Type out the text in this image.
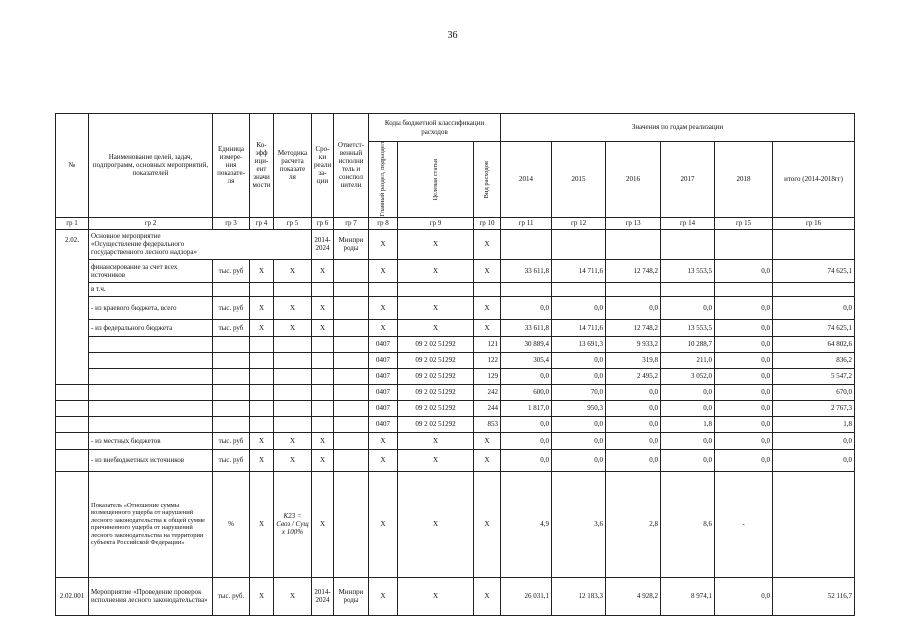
36
№	Наименование целей, задач, подпрограмм, основных мероприятий, показателей	Единица измере-ния показате-ля	Ко-эфф ици-ент значи мости	Методика расчета показате ля	Сро-ки реали за-ции	Ответст-венный исполни тель и соиспол нители	Коды бюджетной классификации расходов			Значения по годам реализации					

							Главный раздел, подраздел	Целевая статья	Вид расходов	2014	2015	2016	2017	2018	итого (2014-2018гг)
гр 1	гр 2	гр 3	гр 4	гр 5	гр 6	гр 7	гр 8	гр 9	гр 10	гр 11	гр 12	гр 13	гр 14	гр 15	гр 16
2.02.	Основное мероприятие «Осуществление федерального государственного лесного надзора»				2014-2024	Минпри роды	X	X	X						
	финансирование за счет всех источников	тыс. руб	X	X	X		X	X	X	33 611,8	14 711,6	12 748,2	13 553,5	0,0	74 625,1
	в т.ч.														
	- из краевого бюджета, всего	тыс. руб	X	X	X		X	X	X	0,0	0,0	0,0	0,0	0,0	0,0
	- из федерального бюджета	тыс. руб	X	X	X		X	X	X	33 611,8	14 711,6	12 748,2	13 553,5	0,0	74 625,1
							0407	09 2 02 51292	121	30 889,4	13 691,3	9 933,2	10 288,7	0,0	64 802,6
							0407	09 2 02 51292	122	305,4	0,0	319,8	211,0	0,0	836,2
							0407	09 2 02 51292	129	0,0	0,0	2 495,2	3 052,0	0,0	5 547,2
							0407	09 2 02 51292	242	600,0	70,0	0,0	0,0	0,0	670,0
							0407	09 2 02 51292	244	1 817,0	950,3	0,0	0,0	0,0	2 767,3
							0407	09 2 02 51292	853	0,0	0,0	0,0	1,8	0,0	1,8
	- из местных бюджетов	тыс. руб	X	X	X		X	X	X	0,0	0,0	0,0	0,0	0,0	0,0
	- из внебюджетных источников	тыс. руб	X	X	X		X	X	X	0,0	0,0	0,0	0,0	0,0	0,0
	Показатель «Отношение суммы возмещенного ущерба от нарушений лесного законодательства к общей сумме причиненного ущерба от нарушений лесного законодательства на территории субъекта Российской Федерации»	%	X	К23 = Своз / Сущ х 100%	X		X	X	X	4,9	3,6	2,8	8,6	-	
2.02.001	Мероприятие «Проведение проверок исполнения лесного законодательства»	тыс. руб.	X	X	2014-2024	Минпри роды	X	X	X	26 031,1	12 183,3	4 928,2	8 974,1	0,0	52 116,7
